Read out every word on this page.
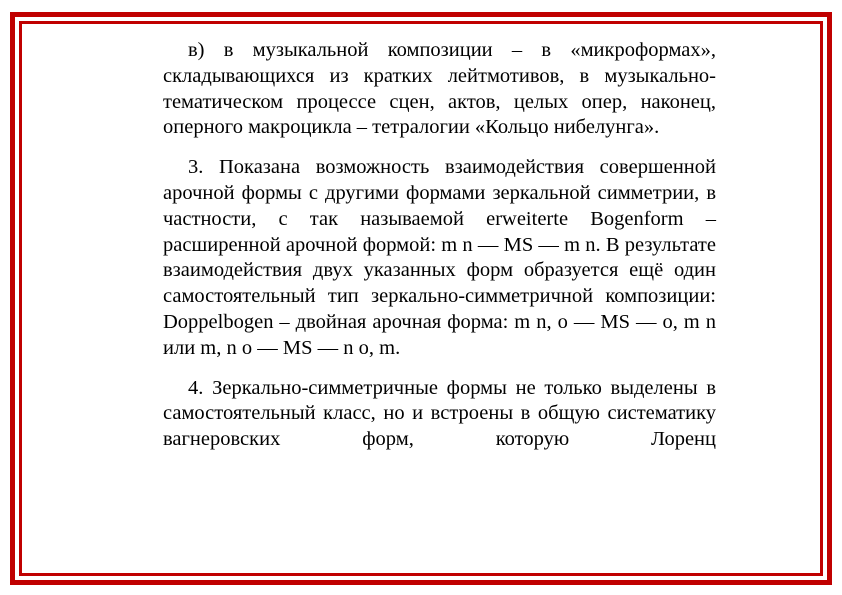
в) в музыкальной композиции – в «микроформах», складывающихся из кратких лейтмотивов, в музыкально-тематическом процессе сцен, актов, целых опер, наконец, оперного макроцикла – тетралогии «Кольцо нибелунга».

3. Показана возможность взаимодействия совершенной арочной формы с другими формами зеркальной симметрии, в частности, с так называемой erweiterte Bogenform – расширенной арочной формой: m n — MS — m n. В результате взаимодействия двух указанных форм образуется ещё один самостоятельный тип зеркально-симметричной композиции: Doppelbogen – двойная арочная форма: m n, o — MS — o, m n или m, n o — MS — n o, m.

4. Зеркально-симметричные формы не только выделены в самостоятельный класс, но и встроены в общую систематику вагнеровских форм, которую Лоренц
